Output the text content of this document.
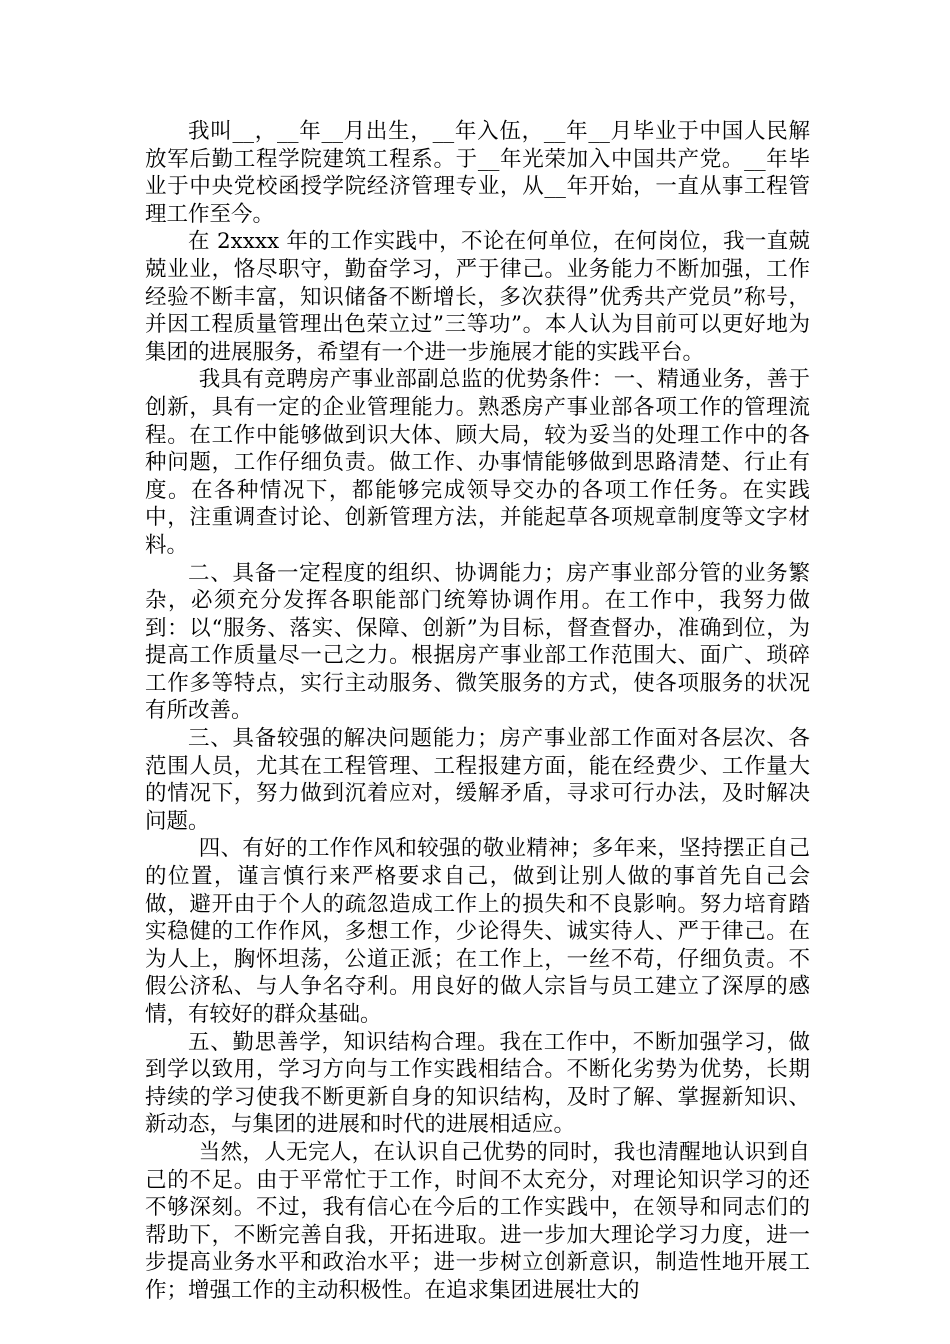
我叫__，__年__月出生，__年入伍，__年__月毕业于中国人民解放军后勤工程学院建筑工程系。于__年光荣加入中国共产党。__年毕业于中央党校函授学院经济管理专业，从__年开始，一直从事工程管理工作至今。

在 2xxxx 年的工作实践中，不论在何单位，在何岗位，我一直兢兢业业，恪尽职守，勤奋学习，严于律己。业务能力不断加强，工作经验不断丰富，知识储备不断增长，多次获得”优秀共产党员”称号，并因工程质量管理出色荣立过”三等功”。本人认为目前可以更好地为集团的进展服务，希望有一个进一步施展才能的实践平台。

我具有竞聘房产事业部副总监的优势条件：一、精通业务，善于创新，具有一定的企业管理能力。熟悉房产事业部各项工作的管理流程。在工作中能够做到识大体、顾大局，较为妥当的处理工作中的各种问题，工作仔细负责。做工作、办事情能够做到思路清楚、行止有度。在各种情况下，都能够完成领导交办的各项工作任务。在实践中，注重调查讨论、创新管理方法，并能起草各项规章制度等文字材料。

二、具备一定程度的组织、协调能力；房产事业部分管的业务繁杂，必须充分发挥各职能部门统筹协调作用。在工作中，我努力做到：以“服务、落实、保障、创新”为目标，督查督办，准确到位，为提高工作质量尽一己之力。根据房产事业部工作范围大、面广、琐碎工作多等特点，实行主动服务、微笑服务的方式，使各项服务的状况有所改善。

三、具备较强的解决问题能力；房产事业部工作面对各层次、各范围人员，尤其在工程管理、工程报建方面，能在经费少、工作量大的情况下，努力做到沉着应对，缓解矛盾，寻求可行办法，及时解决问题。

四、有好的工作作风和较强的敬业精神；多年来，坚持摆正自己的位置，谨言慎行来严格要求自己，做到让别人做的事首先自己会做，避开由于个人的疏忽造成工作上的损失和不良影响。努力培育踏实稳健的工作作风，多想工作，少论得失、诚实待人、严于律己。在为人上，胸怀坦荡，公道正派；在工作上，一丝不苟，仔细负责。不假公济私、与人争名夺利。用良好的做人宗旨与员工建立了深厚的感情，有较好的群众基础。

五、勤思善学，知识结构合理。我在工作中，不断加强学习，做到学以致用，学习方向与工作实践相结合。不断化劣势为优势，长期持续的学习使我不断更新自身的知识结构，及时了解、掌握新知识、新动态，与集团的进展和时代的进展相适应。

当然，人无完人，在认识自己优势的同时，我也清醒地认识到自己的不足。由于平常忙于工作，时间不太充分，对理论知识学习的还不够深刻。不过，我有信心在今后的工作实践中，在领导和同志们的帮助下，不断完善自我，开拓进取。进一步加大理论学习力度，进一步提高业务水平和政治水平；进一步树立创新意识，制造性地开展工作；增强工作的主动积极性。在追求集团进展壮大的
